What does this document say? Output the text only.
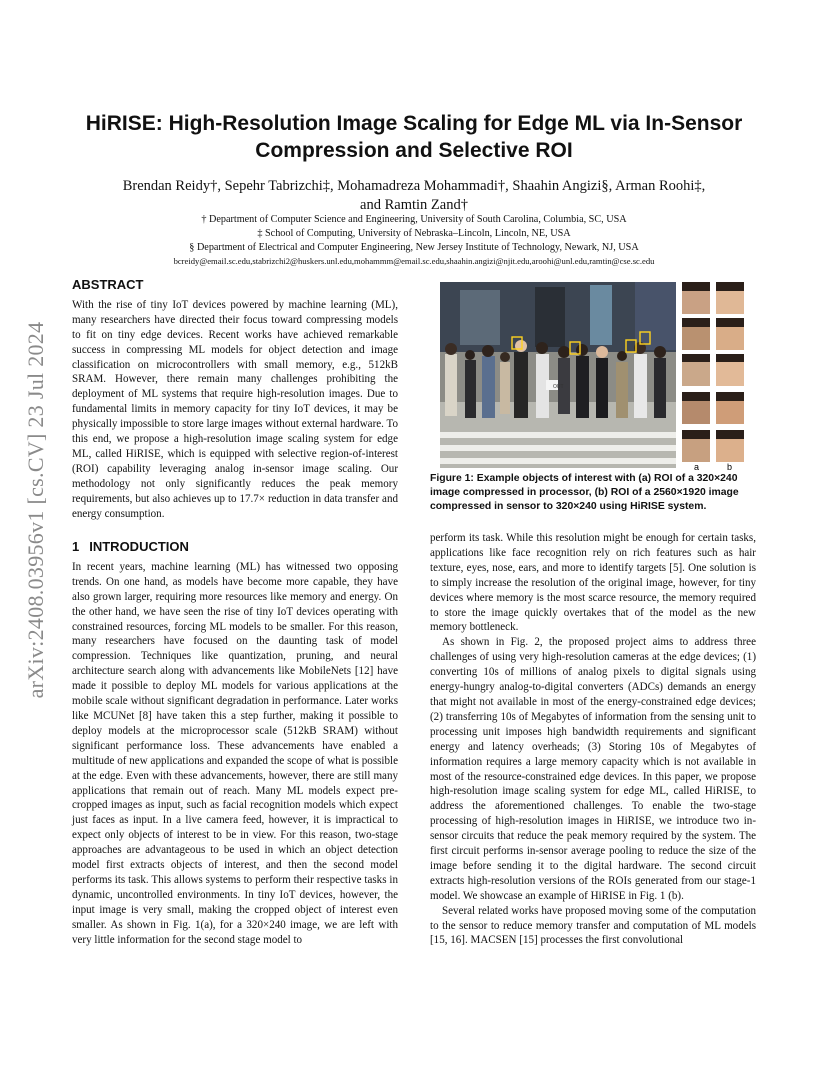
arXiv:2408.03956v1 [cs.CV] 23 Jul 2024
HiRISE: High-Resolution Image Scaling for Edge ML via In-Sensor
Compression and Selective ROI
Brendan Reidy†, Sepehr Tabrizchi‡, Mohamadreza Mohammadi†, Shaahin Angizi§, Arman Roohi‡,
and Ramtin Zand†
† Department of Computer Science and Engineering, University of South Carolina, Columbia, SC, USA
‡ School of Computing, University of Nebraska–Lincoln, Lincoln, NE, USA
§ Department of Electrical and Computer Engineering, New Jersey Institute of Technology, Newark, NJ, USA
bcreidy@email.sc.edu,stabrizchi2@huskers.unl.edu,mohammm@email.sc.edu,shaahin.angizi@njit.edu,aroohi@unl.edu,ramtin@cse.sc.edu

ABSTRACT

With the rise of tiny IoT devices powered by machine learning (ML), many researchers have directed their focus toward compressing models to fit on tiny edge devices. Recent works have achieved remarkable success in compressing ML models for object detection and image classification on microcontrollers with small memory, e.g., 512kB SRAM. However, there remain many challenges prohibiting the deployment of ML systems that require high-resolution images. Due to fundamental limits in memory capacity for tiny IoT devices, it may be physically impossible to store large images without external hardware. To this end, we propose a high-resolution image scaling system for edge ML, called HiRISE, which is equipped with selective region-of-interest (ROI) capability leveraging analog in-sensor image scaling. Our methodology not only significantly reduces the peak memory requirements, but also achieves up to 17.7× reduction in data transfer and energy consumption.

1 INTRODUCTION

In recent years, machine learning (ML) has witnessed two opposing trends. On one hand, as models have become more capable, they have also grown larger, requiring more resources like memory and energy. On the other hand, we have seen the rise of tiny IoT devices operating with constrained resources, forcing ML models to be smaller. For this reason, many researchers have focused on the daunting task of model compression. Techniques like quantization, pruning, and neural architecture search along with advancements like MobileNets [12] have made it possible to deploy ML models for various applications at the mobile scale without significant degradation in performance. Later works like MCUNet [8] have taken this a step further, making it possible to deploy models at the microprocessor scale (512kB SRAM) without significant performance loss. These advancements have enabled a multitude of new applications and expanded the scope of what is possible at the edge. Even with these advancements, however, there are still many applications that remain out of reach. Many ML models expect pre-cropped images as input, such as facial recognition models which expect just faces as input. In a live camera feed, however, it is impractical to expect only objects of interest to be in view. For this reason, two-stage approaches are advantageous to be used in which an object detection model first extracts objects of interest, and then the second model performs its task. This allows systems to perform their respective tasks in dynamic, uncontrolled environments. In tiny IoT devices, however, the input image is very small, making the cropped object of interest even smaller. As shown in Fig. 1(a), for a 320×240 image, we are left with very little information for the second stage model to

OUT
a	b
Figure 1: Example objects of interest with (a) ROI of a 320×240 image compressed in processor, (b) ROI of a 2560×1920 image compressed in sensor to 320×240 using HiRISE system.

perform its task. While this resolution might be enough for certain tasks, applications like face recognition rely on rich features such as hair texture, eyes, nose, ears, and more to identify targets [5]. One solution is to simply increase the resolution of the original image, however, for tiny devices where memory is the most scarce resource, the memory required to store the image quickly overtakes that of the model as the new memory bottleneck.

As shown in Fig. 2, the proposed project aims to address three challenges of using very high-resolution cameras at the edge devices; (1) converting 10s of millions of analog pixels to digital signals using energy-hungry analog-to-digital converters (ADCs) demands an energy that might not available in most of the energy-constrained edge devices; (2) transferring 10s of Megabytes of information from the sensing unit to processing unit imposes high bandwidth requirements and significant energy and latency overheads; (3) Storing 10s of Megabytes of information requires a large memory capacity which is not available in most of the resource-constrained edge devices. In this paper, we propose high-resolution image scaling system for edge ML, called HiRISE, to address the aforementioned challenges. To enable the two-stage processing of high-resolution images in HiRISE, we introduce two in-sensor circuits that reduce the peak memory required by the system. The first circuit performs in-sensor average pooling to reduce the size of the image before sending it to the digital hardware. The second circuit extracts high-resolution versions of the ROIs generated from our stage-1 model. We showcase an example of HiRISE in Fig. 1 (b).

Several related works have proposed moving some of the computation to the sensor to reduce memory transfer and computation of ML models [15, 16]. MACSEN [15] processes the first convolutional
